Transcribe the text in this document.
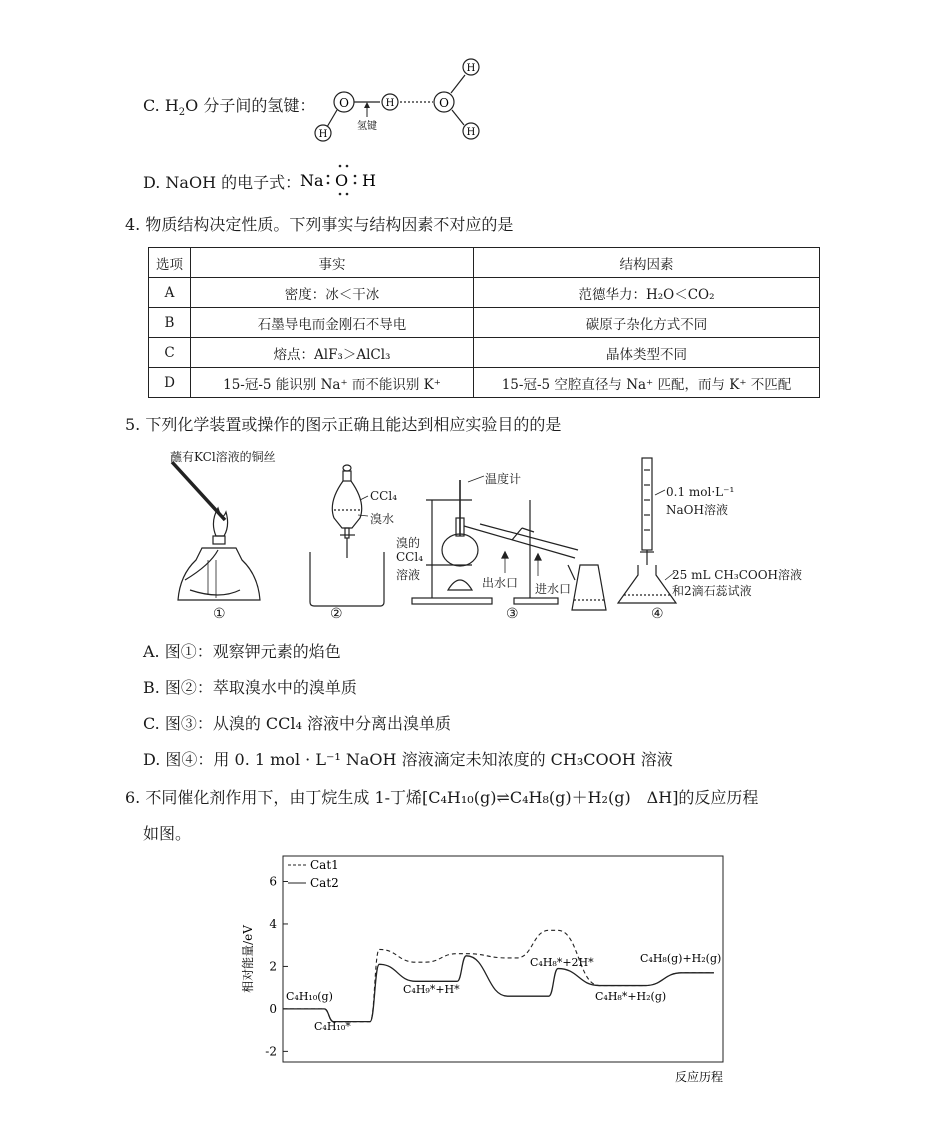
C. $H_2O$ 分子间的氢键： O	H	O
H
H
H
氢键
D. NaOH 的电子式：
Na O H
4. 物质结构决定性质。下列事实与结构因素不对应的是
选项	事实	结构因素
A	密度：冰＜干冰	范德华力：H₂O＜CO₂
B	石墨导电而金刚石不导电	碳原子杂化方式不同
C	熔点：AlF₃＞AlCl₃	晶体类型不同
D	15-冠-5 能识别 Na⁺ 而不能识别 K⁺	15-冠-5 空腔直径与 Na⁺ 匹配，而与 K⁺ 不匹配
5. 下列化学装置或操作的图示正确且能达到相应实验目的的是
蘸有KCl溶液的铜丝
CCl₄
溴水
温度计
溴的
CCl₄
溶液
出水口 进水口
0.1 mol·L⁻¹
NaOH溶液
25 mL CH₃COOH溶液
和2滴石蕊试液
①	②	③	④
A. 图①：观察钾元素的焰色
B. 图②：萃取溴水中的溴单质
C. 图③：从溴的 CCl₄ 溶液中分离出溴单质
D. 图④：用 0. 1 mol · L⁻¹ NaOH 溶液滴定未知浓度的 CH₃COOH 溶液
6. 不同催化剂作用下，由丁烷生成 1-丁烯[C₄H₁₀(g)⇌C₄H₈(g)＋H₂(g)　ΔH]的反应历程
如图。
-2
0
2
4
6
Cat1
Cat2
C₄H₁₀(g)
C₄H₁₀*
C₄H₉*+H*
C₄H₈*+2H*
C₄H₈*+H₂(g)
C₄H₈(g)+H₂(g)
相对能量/eV
反应历程
